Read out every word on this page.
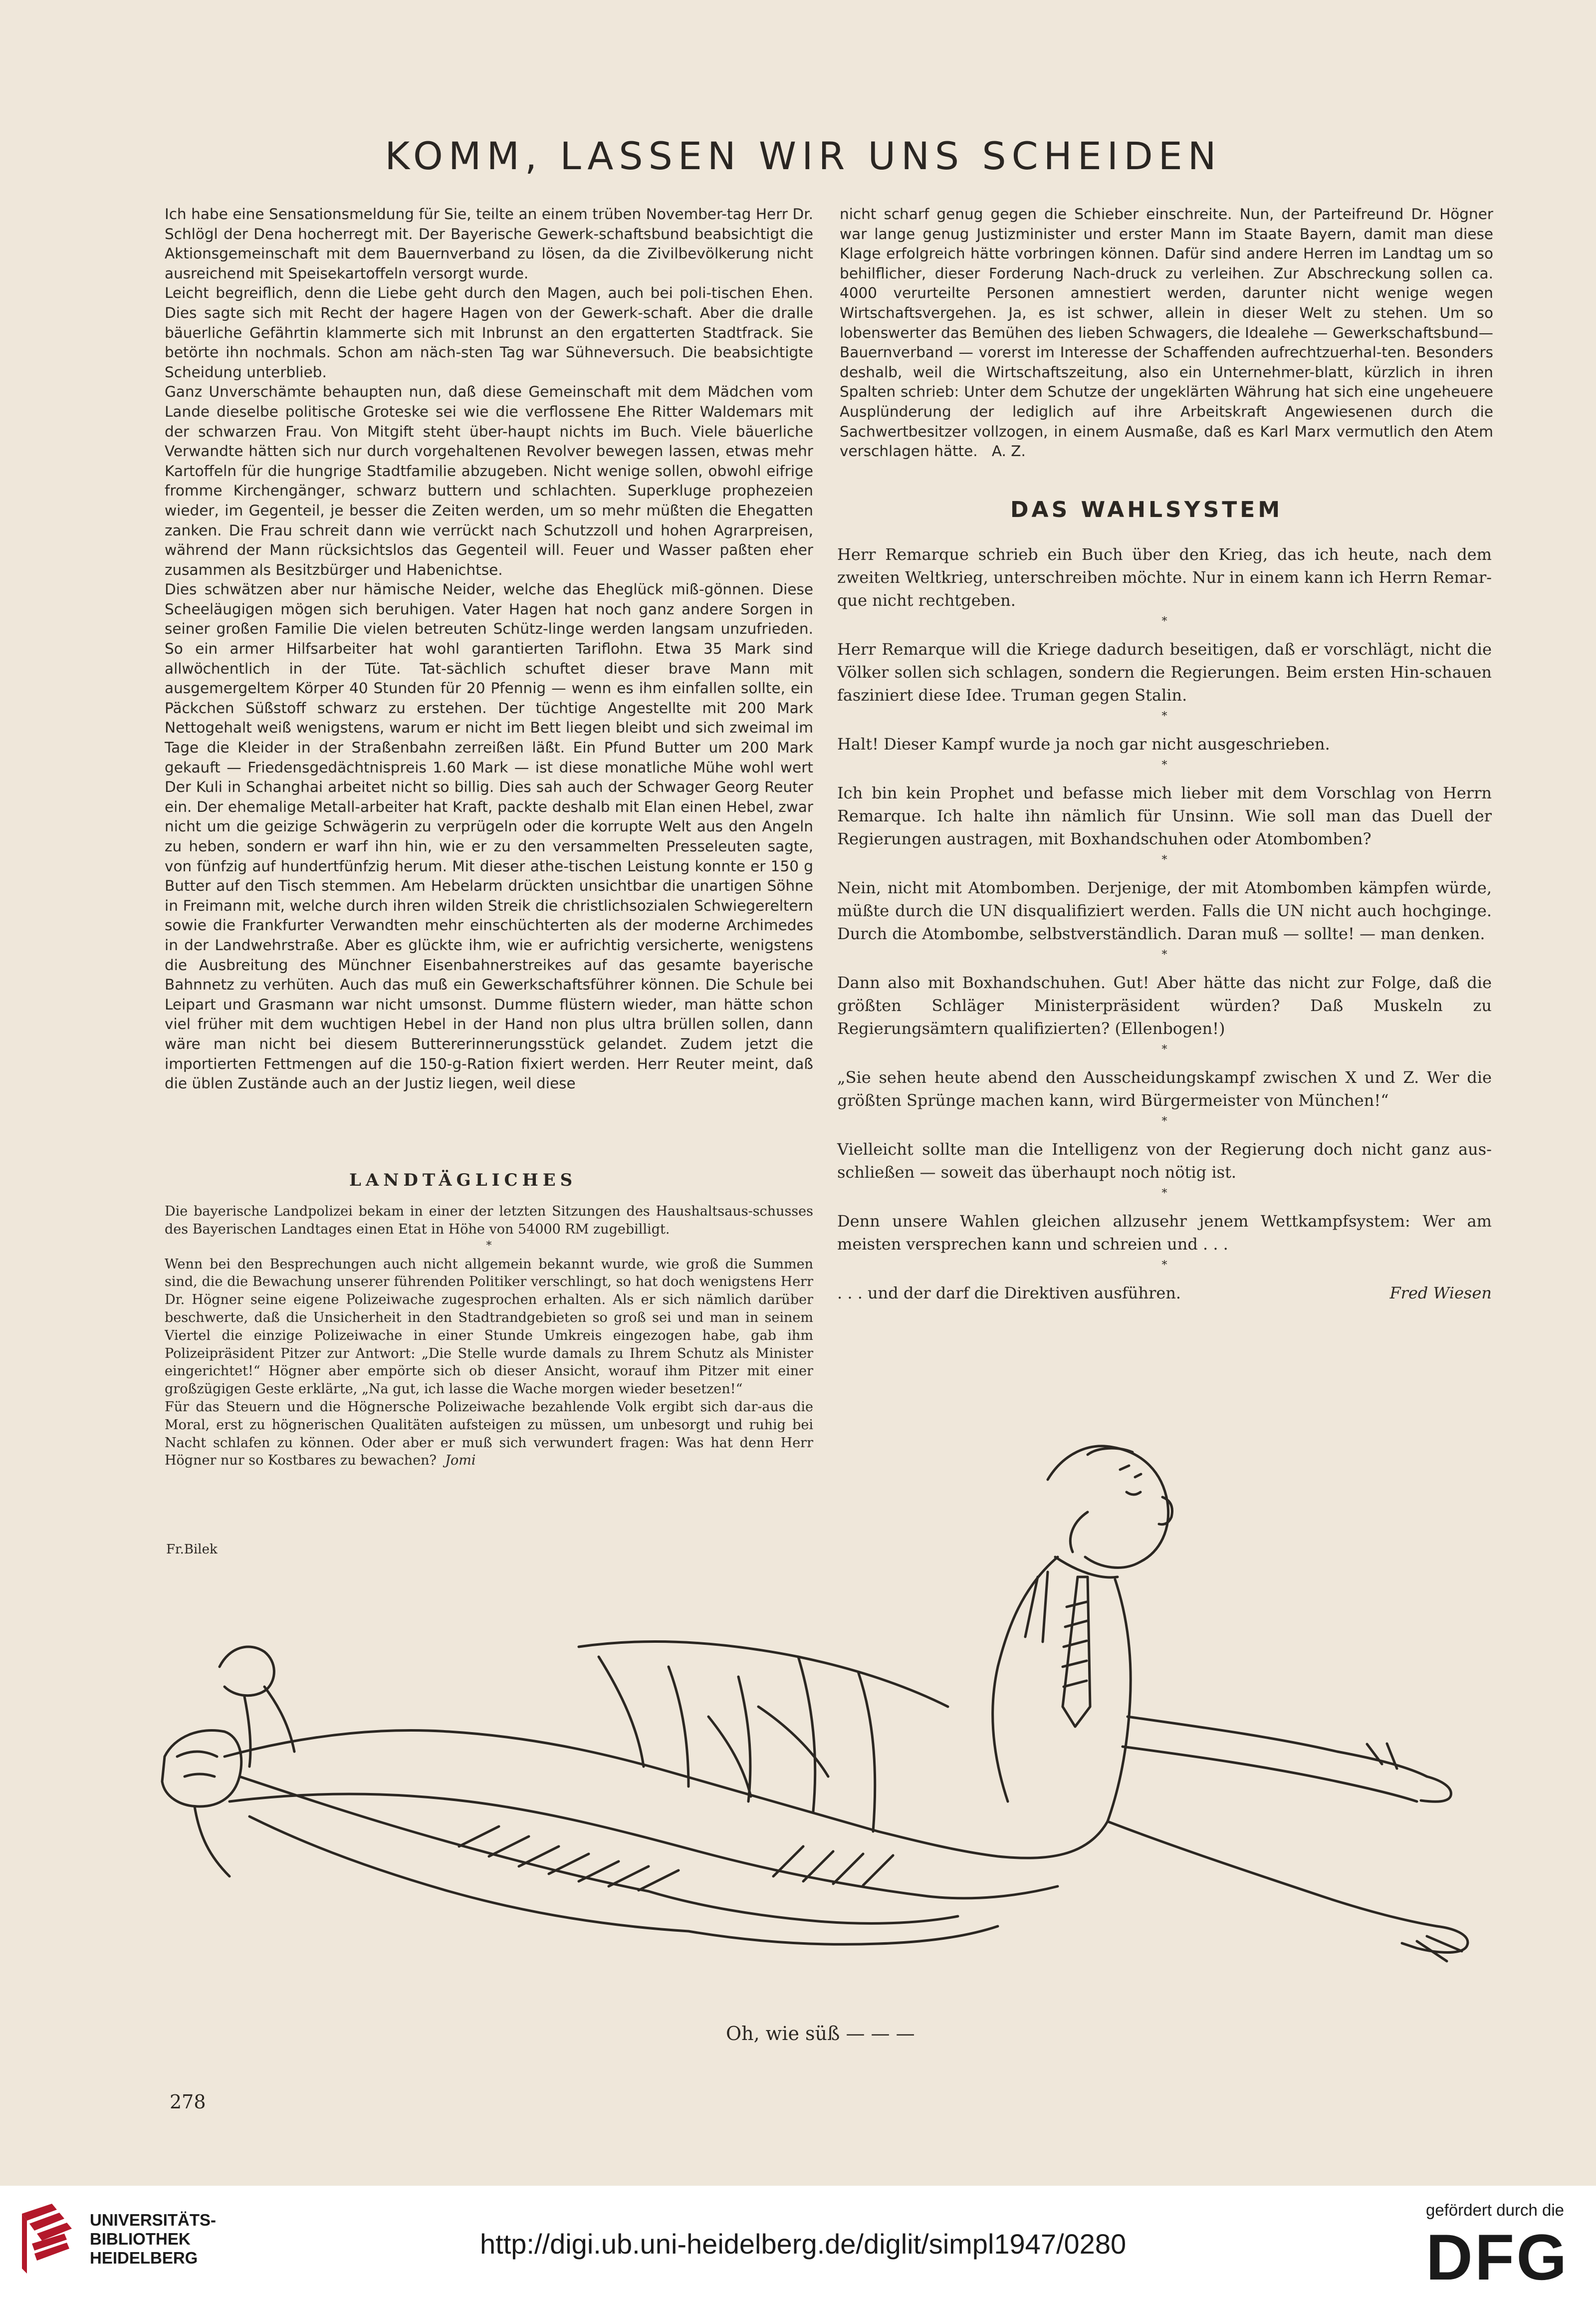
KOMM, LASSEN WIR UNS SCHEIDEN

Ich habe eine Sensationsmeldung für Sie, teilte an einem trüben November-tag Herr Dr. Schlögl der Dena hocherregt mit. Der Bayerische Gewerk-schaftsbund beabsichtigt die Aktionsgemeinschaft mit dem Bauernverband zu lösen, da die Zivilbevölkerung nicht ausreichend mit Speisekartoffeln versorgt wurde.

Leicht begreiflich, denn die Liebe geht durch den Magen, auch bei poli-tischen Ehen. Dies sagte sich mit Recht der hagere Hagen von der Gewerk-schaft. Aber die dralle bäuerliche Gefährtin klammerte sich mit Inbrunst an den ergatterten Stadtfrack. Sie betörte ihn nochmals. Schon am näch-sten Tag war Sühneversuch. Die beabsichtigte Scheidung unterblieb.

Ganz Unverschämte behaupten nun, daß diese Gemeinschaft mit dem Mädchen vom Lande dieselbe politische Groteske sei wie die verflossene Ehe Ritter Waldemars mit der schwarzen Frau. Von Mitgift steht über-haupt nichts im Buch. Viele bäuerliche Verwandte hätten sich nur durch vorgehaltenen Revolver bewegen lassen, etwas mehr Kartoffeln für die hungrige Stadtfamilie abzugeben. Nicht wenige sollen, obwohl eifrige fromme Kirchengänger, schwarz buttern und schlachten. Superkluge prophezeien wieder, im Gegenteil, je besser die Zeiten werden, um so mehr müßten die Ehegatten zanken. Die Frau schreit dann wie verrückt nach Schutzzoll und hohen Agrarpreisen, während der Mann rücksichtslos das Gegenteil will. Feuer und Wasser paßten eher zusammen als Besitzbürger und Habenichtse.

Dies schwätzen aber nur hämische Neider, welche das Eheglück miß-gönnen. Diese Scheeläugigen mögen sich beruhigen. Vater Hagen hat noch ganz andere Sorgen in seiner großen Familie Die vielen betreuten Schütz-linge werden langsam unzufrieden. So ein armer Hilfsarbeiter hat wohl garantierten Tariflohn. Etwa 35 Mark sind allwöchentlich in der Tüte. Tat-sächlich schuftet dieser brave Mann mit ausgemergeltem Körper 40 Stunden für 20 Pfennig — wenn es ihm einfallen sollte, ein Päckchen Süßstoff schwarz zu erstehen. Der tüchtige Angestellte mit 200 Mark Nettogehalt weiß wenigstens, warum er nicht im Bett liegen bleibt und sich zweimal im Tage die Kleider in der Straßenbahn zerreißen läßt. Ein Pfund Butter um 200 Mark gekauft — Friedensgedächtnispreis 1.60 Mark — ist diese monatliche Mühe wohl wert Der Kuli in Schanghai arbeitet nicht so billig. Dies sah auch der Schwager Georg Reuter ein. Der ehemalige Metall-arbeiter hat Kraft, packte deshalb mit Elan einen Hebel, zwar nicht um die geizige Schwägerin zu verprügeln oder die korrupte Welt aus den Angeln zu heben, sondern er warf ihn hin, wie er zu den versammelten Presseleuten sagte, von fünfzig auf hundertfünfzig herum. Mit dieser athe-tischen Leistung konnte er 150 g Butter auf den Tisch stemmen. Am Hebelarm drückten unsichtbar die unartigen Söhne in Freimann mit, welche durch ihren wilden Streik die christlichsozialen Schwiegereltern sowie die Frankfurter Verwandten mehr einschüchterten als der moderne Archimedes in der Landwehrstraße. Aber es glückte ihm, wie er aufrichtig versicherte, wenigstens die Ausbreitung des Münchner Eisenbahnerstreikes auf das gesamte bayerische Bahnnetz zu verhüten. Auch das muß ein Gewerkschaftsführer können. Die Schule bei Leipart und Grasmann war nicht umsonst. Dumme flüstern wieder, man hätte schon viel früher mit dem wuchtigen Hebel in der Hand non plus ultra brüllen sollen, dann wäre man nicht bei diesem Buttererinnerungsstück gelandet. Zudem jetzt die importierten Fettmengen auf die 150-g-Ration fixiert werden. Herr Reuter meint, daß die üblen Zustände auch an der Justiz liegen, weil diese

nicht scharf genug gegen die Schieber einschreite. Nun, der Parteifreund Dr. Högner war lange genug Justizminister und erster Mann im Staate Bayern, damit man diese Klage erfolgreich hätte vorbringen können. Dafür sind andere Herren im Landtag um so behilflicher, dieser Forderung Nach-druck zu verleihen. Zur Abschreckung sollen ca. 4000 verurteilte Personen amnestiert werden, darunter nicht wenige wegen Wirtschaftsvergehen. Ja, es ist schwer, allein in dieser Welt zu stehen. Um so lobenswerter das Bemühen des lieben Schwagers, die Idealehe — Gewerkschaftsbund— Bauernverband — vorerst im Interesse der Schaffenden aufrechtzuerhal-ten. Besonders deshalb, weil die Wirtschaftszeitung, also ein Unternehmer-blatt, kürzlich in ihren Spalten schrieb: Unter dem Schutze der ungeklärten Währung hat sich eine ungeheuere Ausplünderung der lediglich auf ihre Arbeitskraft Angewiesenen durch die Sachwertbesitzer vollzogen, in einem Ausmaße, daß es Karl Marx vermutlich den Atem verschlagen hätte. A. Z.

DAS WAHLSYSTEM

Herr Remarque schrieb ein Buch über den Krieg, das ich heute, nach dem zweiten Weltkrieg, unterschreiben möchte. Nur in einem kann ich Herrn Remar-que nicht rechtgeben.

*

Herr Remarque will die Kriege dadurch beseitigen, daß er vorschlägt, nicht die Völker sollen sich schlagen, sondern die Regierungen. Beim ersten Hin-schauen fasziniert diese Idee. Truman gegen Stalin.

*

Halt! Dieser Kampf wurde ja noch gar nicht ausgeschrieben.

*

Ich bin kein Prophet und befasse mich lieber mit dem Vorschlag von Herrn Remarque. Ich halte ihn nämlich für Unsinn. Wie soll man das Duell der Regierungen austragen, mit Boxhandschuhen oder Atombomben?

*

Nein, nicht mit Atombomben. Derjenige, der mit Atombomben kämpfen würde, müßte durch die UN disqualifiziert werden. Falls die UN nicht auch hochginge. Durch die Atombombe, selbstverständlich. Daran muß — sollte! — man denken.

*

Dann also mit Boxhandschuhen. Gut! Aber hätte das nicht zur Folge, daß die größten Schläger Ministerpräsident würden? Daß Muskeln zu Regierungsämtern qualifizierten? (Ellenbogen!)

*

„Sie sehen heute abend den Ausscheidungskampf zwischen X und Z. Wer die größten Sprünge machen kann, wird Bürgermeister von München!“

*

Vielleicht sollte man die Intelligenz von der Regierung doch nicht ganz aus-schließen — soweit das überhaupt noch nötig ist.

*

Denn unsere Wahlen gleichen allzusehr jenem Wettkampfsystem: Wer am meisten versprechen kann und schreien und . . .

*
. . . und der darf die Direktiven ausführen.	Fred Wiesen
LANDTÄGLICHES

Die bayerische Landpolizei bekam in einer der letzten Sitzungen des Haushaltsaus-schusses des Bayerischen Landtages einen Etat in Höhe von 54000 RM zugebilligt.

*

Wenn bei den Besprechungen auch nicht allgemein bekannt wurde, wie groß die Summen sind, die die Bewachung unserer führenden Politiker verschlingt, so hat doch wenigstens Herr Dr. Högner seine eigene Polizeiwache zugesprochen erhalten. Als er sich nämlich darüber beschwerte, daß die Unsicherheit in den Stadtrandgebieten so groß sei und man in seinem Viertel die einzige Polizeiwache in einer Stunde Umkreis eingezogen habe, gab ihm Polizeipräsident Pitzer zur Antwort: „Die Stelle wurde damals zu Ihrem Schutz als Minister eingerichtet!“ Högner aber empörte sich ob dieser Ansicht, worauf ihm Pitzer mit einer großzügigen Geste erklärte, „Na gut, ich lasse die Wache morgen wieder besetzen!“

Für das Steuern und die Högnersche Polizeiwache bezahlende Volk ergibt sich dar-aus die Moral, erst zu högnerischen Qualitäten aufsteigen zu müssen, um unbesorgt und ruhig bei Nacht schlafen zu können. Oder aber er muß sich verwundert fragen: Was hat denn Herr Högner nur so Kostbares zu bewachen? Jomi

Fr.Bilek
Oh, wie süß — — —
278
UNIVERSITÄTS-
BIBLIOTHEK
HEIDELBERG	http://digi.ub.uni-heidelberg.de/diglit/simpl1947/0280
gefördert durch die
DFG
